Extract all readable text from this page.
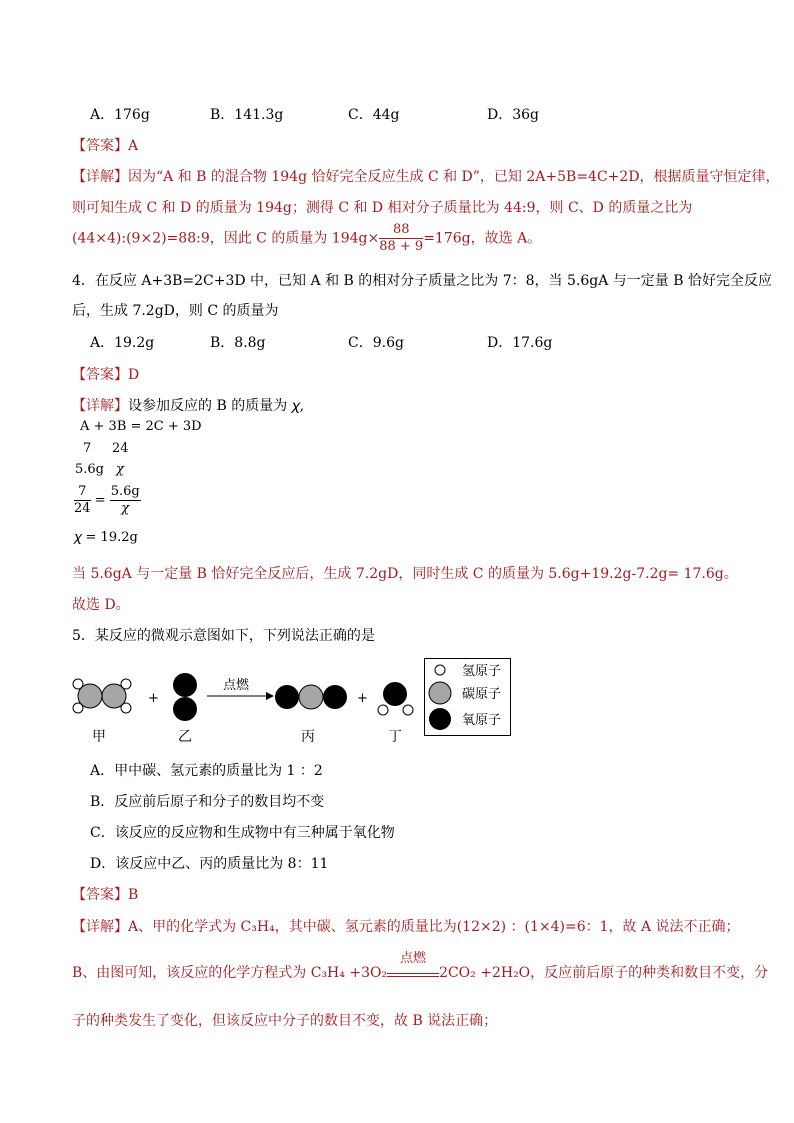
A．176g	B．141.3g	C．44g	D．36g
【答案】A
【详解】因为“A 和 B 的混合物 194g 恰好完全反应生成 C 和 D”，已知 2A+5B=4C+2D，根据质量守恒定律，
则可知生成 C 和 D 的质量为 194g；测得 C 和 D 相对分子质量比为 44:9，则 C、D 的质量之比为
(44×4):(9×2)=88:9，因此 C 的质量为 $194g\times \frac{88}{88 + 9} =176g$，故选 A。
4．在反应 A+3B=2C+3D 中，已知 A 和 B 的相对分子质量之比为 7：8，当 5.6gA 与一定量 B 恰好完全反应
后，生成 7.2gD，则 C 的质量为
A．19.2g	B．8.8g	C．9.6g	D．17.6g
【答案】D
【详解】设参加反应的 B 的质量为 𝜒,
A + 3B = 2C + 3D
7 24
5.6g 𝜒
$\frac{7}{24} = \frac{5.6g}{\text{𝜒}}$
𝜒 = 19.2g
当 5.6gA 与一定量 B 恰好完全反应后，生成 7.2gD，同时生成 C 的质量为 5.6g+19.2g-7.2g= 17.6g。
故选 D。
5．某反应的微观示意图如下，下列说法正确的是
+
点燃
+
甲	乙	丙	丁
氢原子
碳原子
氧原子
A．甲中碳、氢元素的质量比为 1 ：2
B．反应前后原子和分子的数目均不变
C．该反应的反应物和生成物中有三种属于氧化物
D．该反应中乙、丙的质量比为 8：11
【答案】B
【详解】A、甲的化学式为 C₃H₄，其中碳、氢元素的质量比为(12×2) ：(1×4)=6：1，故 A 说法不正确；
B、由图可知，该反应的化学方程式为 C₃H₄ +3O₂
点燃
2CO₂ +2H₂O，反应前后原子的种类和数目不变，分
子的种类发生了变化，但该反应中分子的数目不变，故 B 说法正确；
